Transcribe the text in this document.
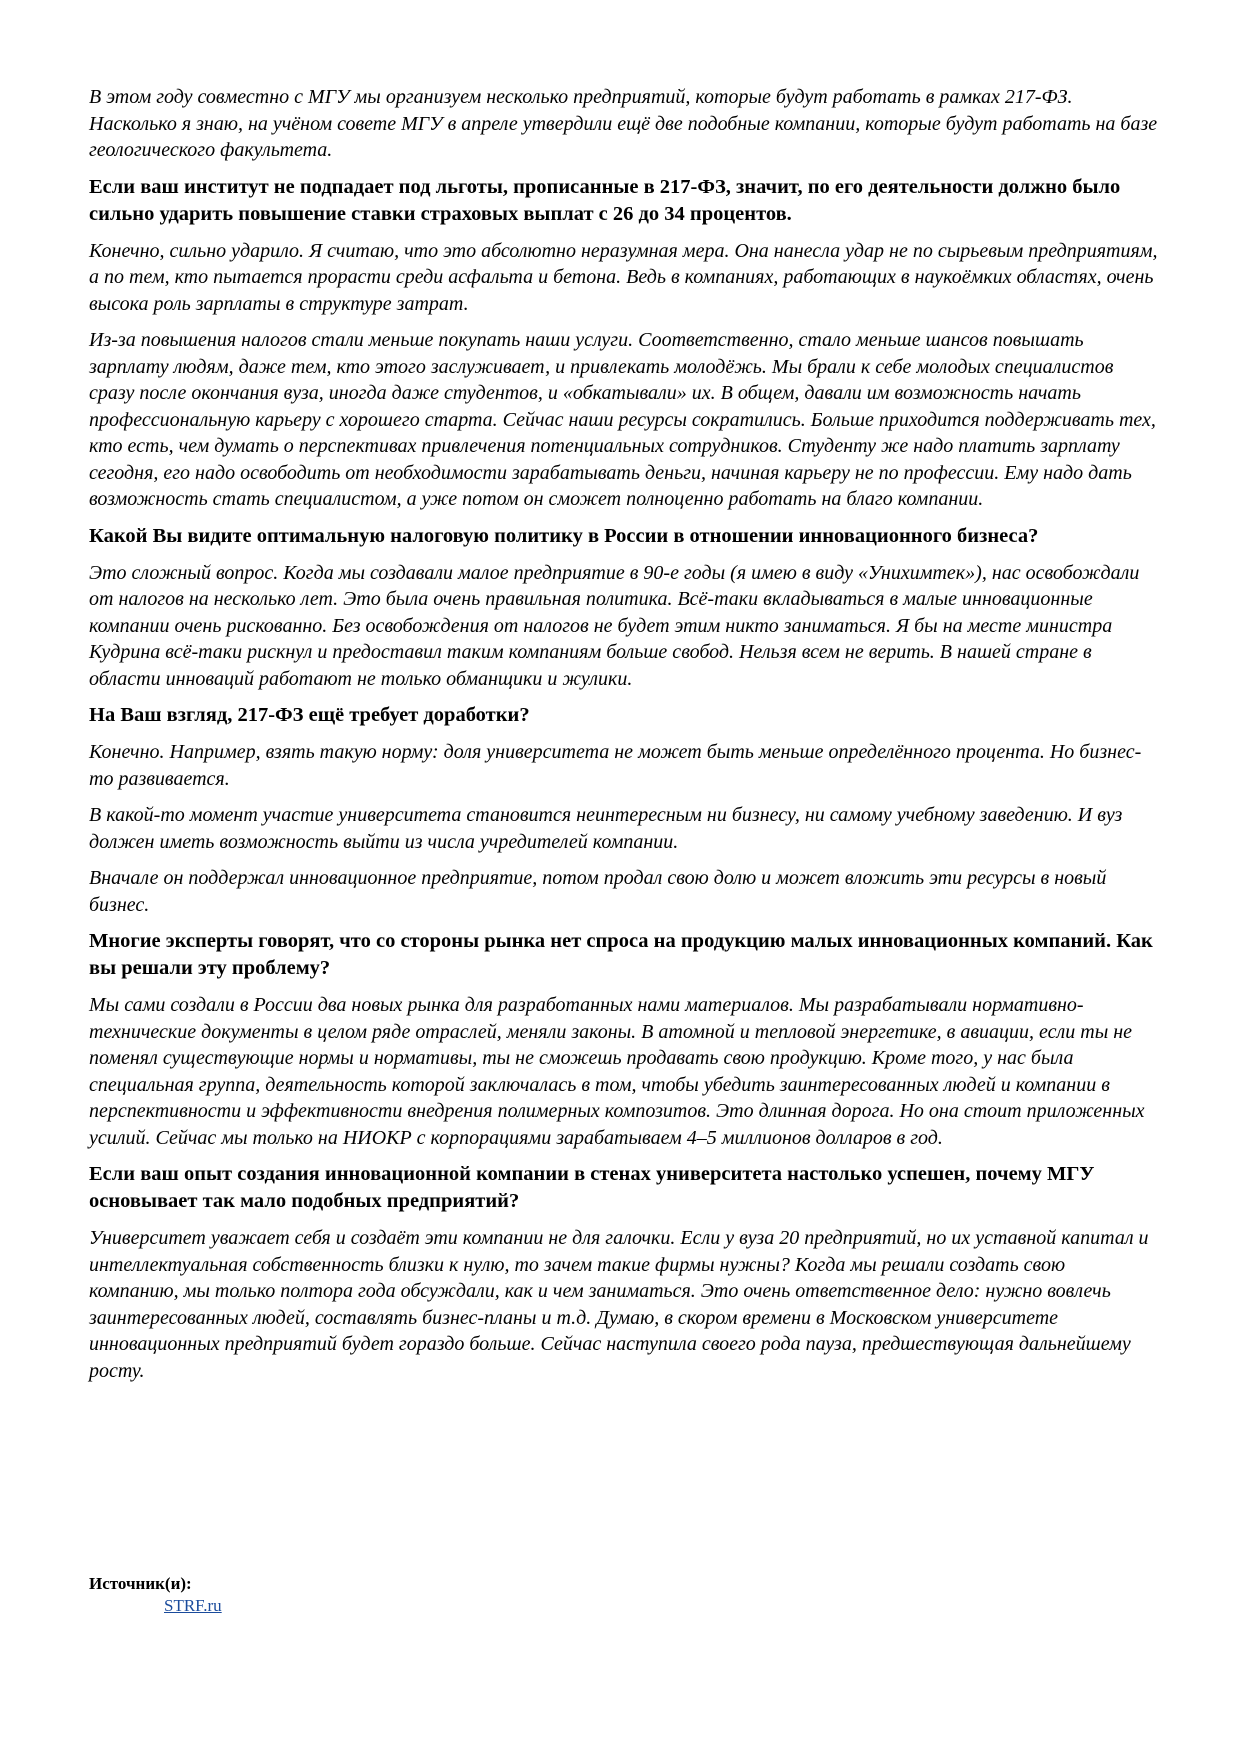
В этом году совместно с МГУ мы организуем несколько предприятий, которые будут работать в рамках 217-ФЗ. Насколько я знаю, на учёном совете МГУ в апреле утвердили ещё две подобные компании, которые будут работать на базе геологического факультета.

Если ваш институт не подпадает под льготы, прописанные в 217-ФЗ, значит, по его деятельности должно было сильно ударить повышение ставки страховых выплат с 26 до 34 процентов.

Конечно, сильно ударило. Я считаю, что это абсолютно неразумная мера. Она нанесла удар не по сырьевым предприятиям, а по тем, кто пытается прорасти среди асфальта и бетона. Ведь в компаниях, работающих в наукоёмких областях, очень высока роль зарплаты в структуре затрат.

Из-за повышения налогов стали меньше покупать наши услуги. Соответственно, стало меньше шансов повышать зарплату людям, даже тем, кто этого заслуживает, и привлекать молодёжь. Мы брали к себе молодых специалистов сразу после окончания вуза, иногда даже студентов, и «обкатывали» их. В общем, давали им возможность начать профессиональную карьеру с хорошего старта. Сейчас наши ресурсы сократились. Больше приходится поддерживать тех, кто есть, чем думать о перспективах привлечения потенциальных сотрудников. Студенту же надо платить зарплату сегодня, его надо освободить от необходимости зарабатывать деньги, начиная карьеру не по профессии. Ему надо дать возможность стать специалистом, а уже потом он сможет полноценно работать на благо компании.

Какой Вы видите оптимальную налоговую политику в России в отношении инновационного бизнеса?

Это сложный вопрос. Когда мы создавали малое предприятие в 90-е годы (я имею в виду «Унихимтек»), нас освобождали от налогов на несколько лет. Это была очень правильная политика. Всё-таки вкладываться в малые инновационные компании очень рискованно. Без освобождения от налогов не будет этим никто заниматься. Я бы на месте министра Кудрина всё-таки рискнул и предоставил таким компаниям больше свобод. Нельзя всем не верить. В нашей стране в области инноваций работают не только обманщики и жулики.

На Ваш взгляд, 217-ФЗ ещё требует доработки?

Конечно. Например, взять такую норму: доля университета не может быть меньше определённого процента. Но бизнес-то развивается.

В какой-то момент участие университета становится неинтересным ни бизнесу, ни самому учебному заведению. И вуз должен иметь возможность выйти из числа учредителей компании.

Вначале он поддержал инновационное предприятие, потом продал свою долю и может вложить эти ресурсы в новый бизнес.

Многие эксперты говорят, что со стороны рынка нет спроса на продукцию малых инновационных компаний. Как вы решали эту проблему?

Мы сами создали в России два новых рынка для разработанных нами материалов. Мы разрабатывали нормативно-технические документы в целом ряде отраслей, меняли законы. В атомной и тепловой энергетике, в авиации, если ты не поменял существующие нормы и нормативы, ты не сможешь продавать свою продукцию. Кроме того, у нас была специальная группа, деятельность которой заключалась в том, чтобы убедить заинтересованных людей и компании в перспективности и эффективности внедрения полимерных композитов. Это длинная дорога. Но она стоит приложенных усилий. Сейчас мы только на НИОКР с корпорациями зарабатываем 4–5 миллионов долларов в год.

Если ваш опыт создания инновационной компании в стенах университета настолько успешен, почему МГУ основывает так мало подобных предприятий?

Университет уважает себя и создаёт эти компании не для галочки. Если у вуза 20 предприятий, но их уставной капитал и интеллектуальная собственность близки к нулю, то зачем такие фирмы нужны? Когда мы решали создать свою компанию, мы только полтора года обсуждали, как и чем заниматься. Это очень ответственное дело: нужно вовлечь заинтересованных людей, составлять бизнес-планы и т.д. Думаю, в скором времени в Московском университете инновационных предприятий будет гораздо больше. Сейчас наступила своего рода пауза, предшествующая дальнейшему росту.

Источник(и):
STRF.ru
